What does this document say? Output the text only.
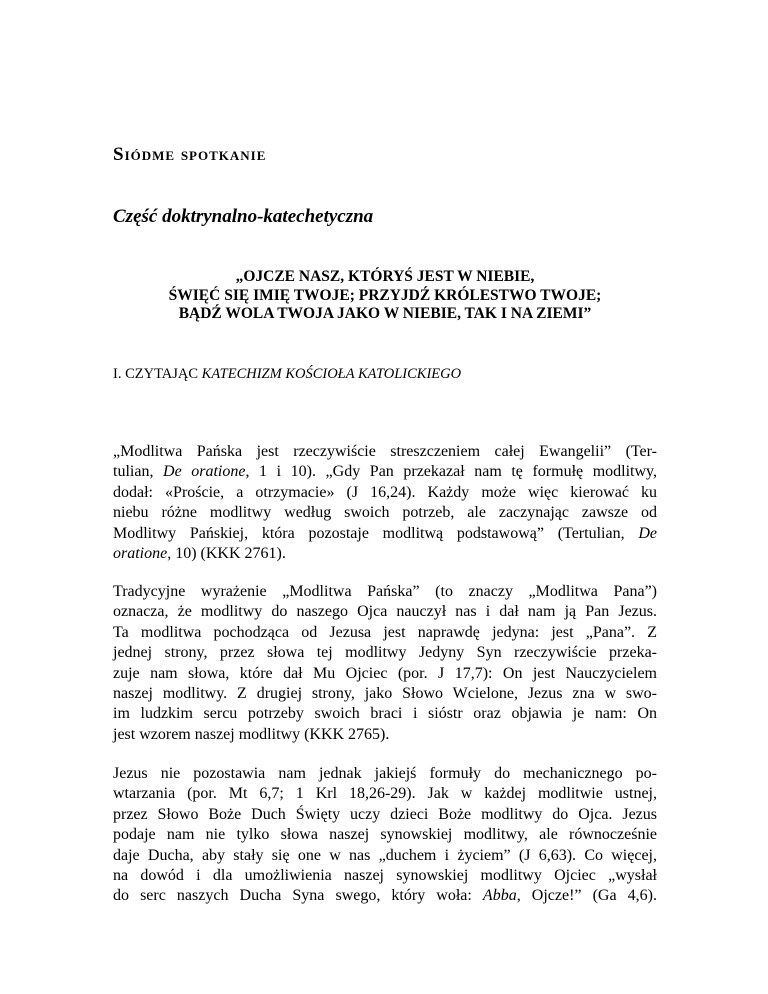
Siódme spotkanie
Część doktrynalno-katechetyczna
„OJCZE NASZ, KTÓRYŚ JEST W NIEBIE,
ŚWIĘĆ SIĘ IMIĘ TWOJE; PRZYJDŹ KRÓLESTWO TWOJE;
BĄDŹ WOLA TWOJA JAKO W NIEBIE, TAK I NA ZIEMI”
I. CZYTAJĄC KATECHIZM KOŚCIOŁA KATOLICKIEGO
„Modlitwa Pańska jest rzeczywiście streszczeniem całej Ewangelii” (Ter-
tulian, De oratione, 1 i 10). „Gdy Pan przekazał nam tę formułę modlitwy,
dodał: «Proście, a otrzymacie» (J 16,24). Każdy może więc kierować ku
niebu różne modlitwy według swoich potrzeb, ale zaczynając zawsze od
Modlitwy Pańskiej, która pozostaje modlitwą podstawową” (Tertulian, De
oratione, 10) (KKK 2761).
Tradycyjne wyrażenie „Modlitwa Pańska” (to znaczy „Modlitwa Pana”)
oznacza, że modlitwy do naszego Ojca nauczył nas i dał nam ją Pan Jezus.
Ta modlitwa pochodząca od Jezusa jest naprawdę jedyna: jest „Pana”. Z
jednej strony, przez słowa tej modlitwy Jedyny Syn rzeczywiście przeka-
zuje nam słowa, które dał Mu Ojciec (por. J 17,7): On jest Nauczycielem
naszej modlitwy. Z drugiej strony, jako Słowo Wcielone, Jezus zna w swo-
im ludzkim sercu potrzeby swoich braci i sióstr oraz objawia je nam: On
jest wzorem naszej modlitwy (KKK 2765).
Jezus nie pozostawia nam jednak jakiejś formuły do mechanicznego po-
wtarzania (por. Mt 6,7; 1 Krl 18,26-29). Jak w każdej modlitwie ustnej,
przez Słowo Boże Duch Święty uczy dzieci Boże modlitwy do Ojca. Jezus
podaje nam nie tylko słowa naszej synowskiej modlitwy, ale równocześnie
daje Ducha, aby stały się one w nas „duchem i życiem” (J 6,63). Co więcej,
na dowód i dla umożliwienia naszej synowskiej modlitwy Ojciec „wysłał
do serc naszych Ducha Syna swego, który woła: Abba, Ojcze!” (Ga 4,6).
